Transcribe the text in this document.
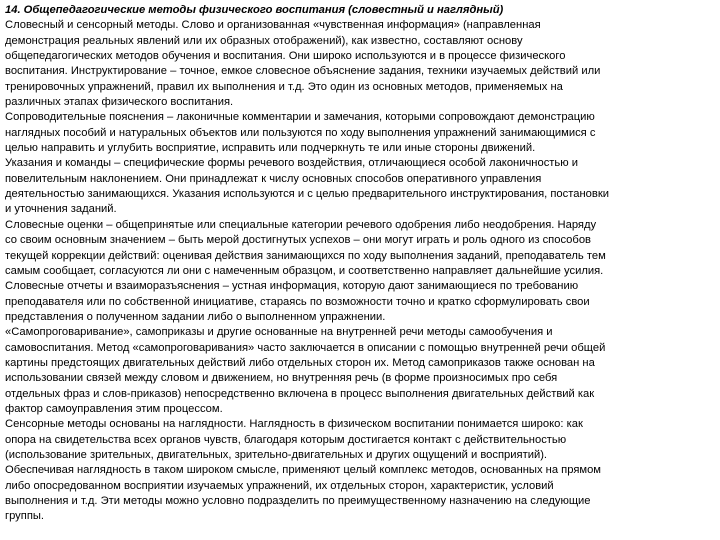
14. Общепедагогические методы физического воспитания (словестный и наглядный)
Словесный и сенсорный методы. Слово и организованная «чувственная информация» (направленная
демонстрация реальных явлений или их образных отображений), как известно, составляют основу
общепедагогических методов обучения и воспитания. Они широко используются и в процессе физического
воспитания. Инструктирование – точное, емкое словесное объяснение задания, техники изучаемых действий или
тренировочных упражнений, правил их выполнения и т.д. Это один из основных методов, применяемых на
различных этапах физического воспитания.
Сопроводительные пояснения – лаконичные комментарии и замечания, которыми сопровождают демонстрацию
наглядных пособий и натуральных объектов или пользуются по ходу выполнения упражнений занимающимися с
целью направить и углубить восприятие, исправить или подчеркнуть те или иные стороны движений.
Указания и команды – специфические формы речевого воздействия, отличающиеся особой лаконичностью и
повелительным наклонением. Они принадлежат к числу основных способов оперативного управления
деятельностью занимающихся. Указания используются и с целью предварительного инструктирования, постановки
и уточнения заданий.
Словесные оценки – общепринятые или специальные категории речевого одобрения либо неодобрения. Наряду
со своим основным значением – быть мерой достигнутых успехов – они могут играть и роль одного из способов
текущей коррекции действий: оценивая действия занимающихся по ходу выполнения заданий, преподаватель тем
самым сообщает, согласуются ли они с намеченным образцом, и соответственно направляет дальнейшие усилия.
Словесные отчеты и взаиморазъяснения – устная информация, которую дают занимающиеся по требованию
преподавателя или по собственной инициативе, стараясь по возможности точно и кратко сформулировать свои
представления о полученном задании либо о выполненном упражнении.
«Самопроговаривание», самоприказы и другие основанные на внутренней речи методы самообучения и
самовоспитания. Метод «самопроговаривания» часто заключается в описании с помощью внутренней речи общей
картины предстоящих двигательных действий либо отдельных сторон их. Метод самоприказов также основан на
использовании связей между словом и движением, но внутренняя речь (в форме произносимых про себя
отдельных фраз и слов-приказов) непосредственно включена в процесс выполнения двигательных действий как
фактор самоуправления этим процессом.
Сенсорные методы основаны на наглядности. Наглядность в физическом воспитании понимается широко: как
опора на свидетельства всех органов чувств, благодаря которым достигается контакт с действительностью
(использование зрительных, двигательных, зрительно-двигательных и других ощущений и восприятий).
Обеспечивая наглядность в таком широком смысле, применяют целый комплекс методов, основанных на прямом
либо опосредованном восприятии изучаемых упражнений, их отдельных сторон, характеристик, условий
выполнения и т.д. Эти методы можно условно подразделить по преимущественному назначению на следующие
группы.
